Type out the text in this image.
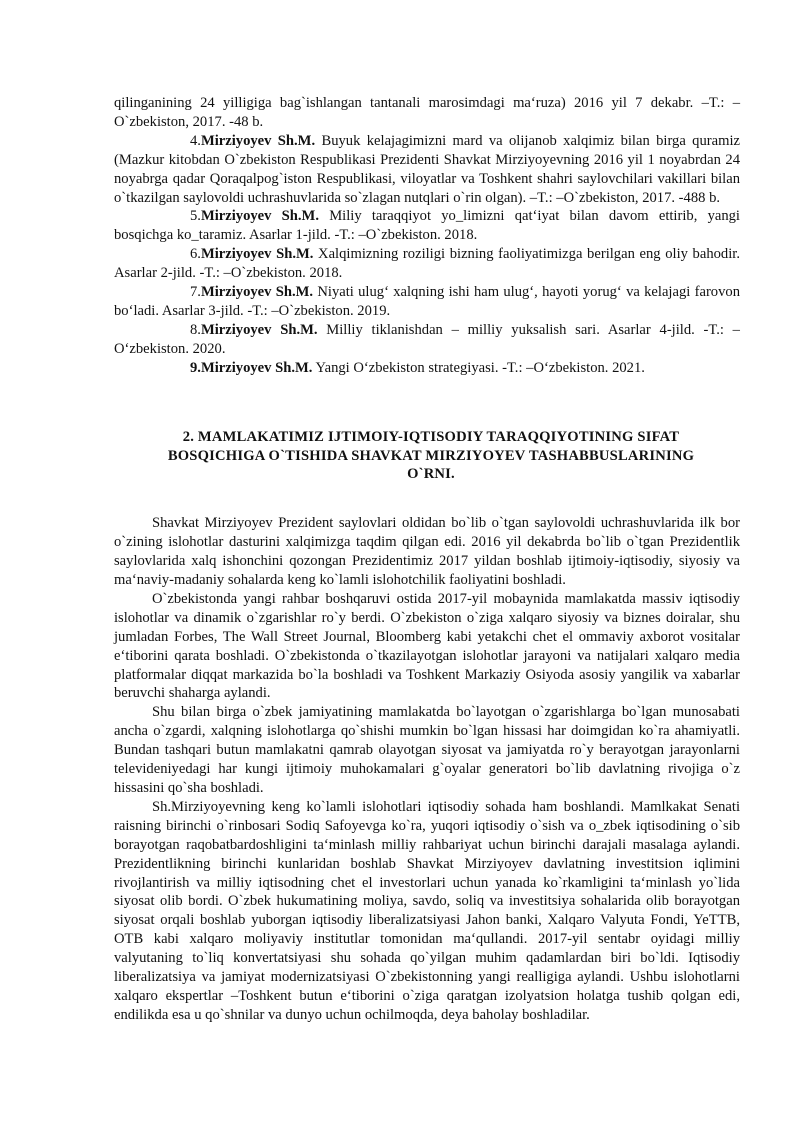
qilinganining 24 yilligiga bag`ishlangan tantanali marosimdagi ma‘ruza) 2016 yil 7 dekabr. –T.: –O`zbekiston, 2017. -48 b.

4.Mirziyoyev Sh.M. Buyuk kelajagimizni mard va olijanob xalqimiz bilan birga quramiz (Mazkur kitobdan O`zbekiston Respublikasi Prezidenti Shavkat Mirziyoyevning 2016 yil 1 noyabrdan 24 noyabrga qadar Qoraqalpog`iston Respublikasi, viloyatlar va Toshkent shahri saylovchilari vakillari bilan o`tkazilgan saylovoldi uchrashuvlarida so`zlagan nutqlari o`rin olgan). –T.: –O`zbekiston, 2017. -488 b.

5.Mirziyoyev Sh.M. Miliy taraqqiyot yo_limizni qat‘iyat bilan davom ettirib, yangi bosqichga ko_taramiz. Asarlar 1-jild. -T.: –O`zbekiston. 2018.

6.Mirziyoyev Sh.M. Xalqimizning roziligi bizning faoliyatimizga berilgan eng oliy bahodir. Asarlar 2-jild. -T.: –O`zbekiston. 2018.

7.Mirziyoyev Sh.M. Niyati ulug‘ xalqning ishi ham ulug‘, hayoti yorug‘ va kelajagi farovon bo‘ladi. Asarlar 3-jild. -T.: –O`zbekiston. 2019.

8.Mirziyoyev Sh.M. Milliy tiklanishdan – milliy yuksalish sari. Asarlar 4-jild. -T.: –O‘zbekiston. 2020.

9.Mirziyoyev Sh.M. Yangi O‘zbekiston strategiyasi. -T.: –O‘zbekiston. 2021.

2. MAMLAKATIMIZ IJTIMOIY-IQTISODIY TARAQQIYOTINING SIFAT BOSQICHIGA O`TISHIDA SHAVKAT MIRZIYOYEV TASHABBUSLARINING O`RNI.

Shavkat Mirziyoyev Prezident saylovlari oldidan bo`lib o`tgan saylovoldi uchrashuvlarida ilk bor o`zining islohotlar dasturini xalqimizga taqdim qilgan edi. 2016 yil dekabrda bo`lib o`tgan Prezidentlik saylovlarida xalq ishonchini qozongan Prezidentimiz 2017 yildan boshlab ijtimoiy-iqtisodiy, siyosiy va ma‘naviy-madaniy sohalarda keng ko`lamli islohotchilik faoliyatini boshladi.

O`zbekistonda yangi rahbar boshqaruvi ostida 2017-yil mobaynida mamlakatda massiv iqtisodiy islohotlar va dinamik o`zgarishlar ro`y berdi. O`zbekiston o`ziga xalqaro siyosiy va biznes doiralar, shu jumladan Forbes, The Wall Street Journal, Bloomberg kabi yetakchi chet el ommaviy axborot vositalar e‘tiborini qarata boshladi. O`zbekistonda o`tkazilayotgan islohotlar jarayoni va natijalari xalqaro media platformalar diqqat markazida bo`la boshladi va Toshkent Markaziy Osiyoda asosiy yangilik va xabarlar beruvchi shaharga aylandi.

Shu bilan birga o`zbek jamiyatining mamlakatda bo`layotgan o`zgarishlarga bo`lgan munosabati ancha o`zgardi, xalqning islohotlarga qo`shishi mumkin bo`lgan hissasi har doimgidan ko`ra ahamiyatli. Bundan tashqari butun mamlakatni qamrab olayotgan siyosat va jamiyatda ro`y berayotgan jarayonlarni televideniyedagi har kungi ijtimoiy muhokamalari g`oyalar generatori bo`lib davlatning rivojiga o`z hissasini qo`sha boshladi.

Sh.Mirziyoyevning keng ko`lamli islohotlari iqtisodiy sohada ham boshlandi. Mamlkakat Senati raisning birinchi o`rinbosari Sodiq Safoyevga ko`ra, yuqori iqtisodiy o`sish va o_zbek iqtisodining o`sib borayotgan raqobatbardoshligini ta‘minlash milliy rahbariyat uchun birinchi darajali masalaga aylandi. Prezidentlikning birinchi kunlaridan boshlab Shavkat Mirziyoyev davlatning investitsion iqlimini rivojlantirish va milliy iqtisodning chet el investorlari uchun yanada ko`rkamligini ta‘minlash yo`lida siyosat olib bordi. O`zbek hukumatining moliya, savdo, soliq va investitsiya sohalarida olib borayotgan siyosat orqali boshlab yuborgan iqtisodiy liberalizatsiyasi Jahon banki, Xalqaro Valyuta Fondi, YeTTB, OTB kabi xalqaro moliyaviy institutlar tomonidan ma‘qullandi. 2017-yil sentabr oyidagi milliy valyutaning to`liq konvertatsiyasi shu sohada qo`yilgan muhim qadamlardan biri bo`ldi. Iqtisodiy liberalizatsiya va jamiyat modernizatsiyasi O`zbekistonning yangi realligiga aylandi. Ushbu islohotlarni xalqaro ekspertlar –Toshkent butun e‘tiborini o`ziga qaratgan izolyatsion holatga tushib qolgan edi, endilikda esa u qo`shnilar va dunyo uchun ochilmoqda, deya baholay boshladilar.
